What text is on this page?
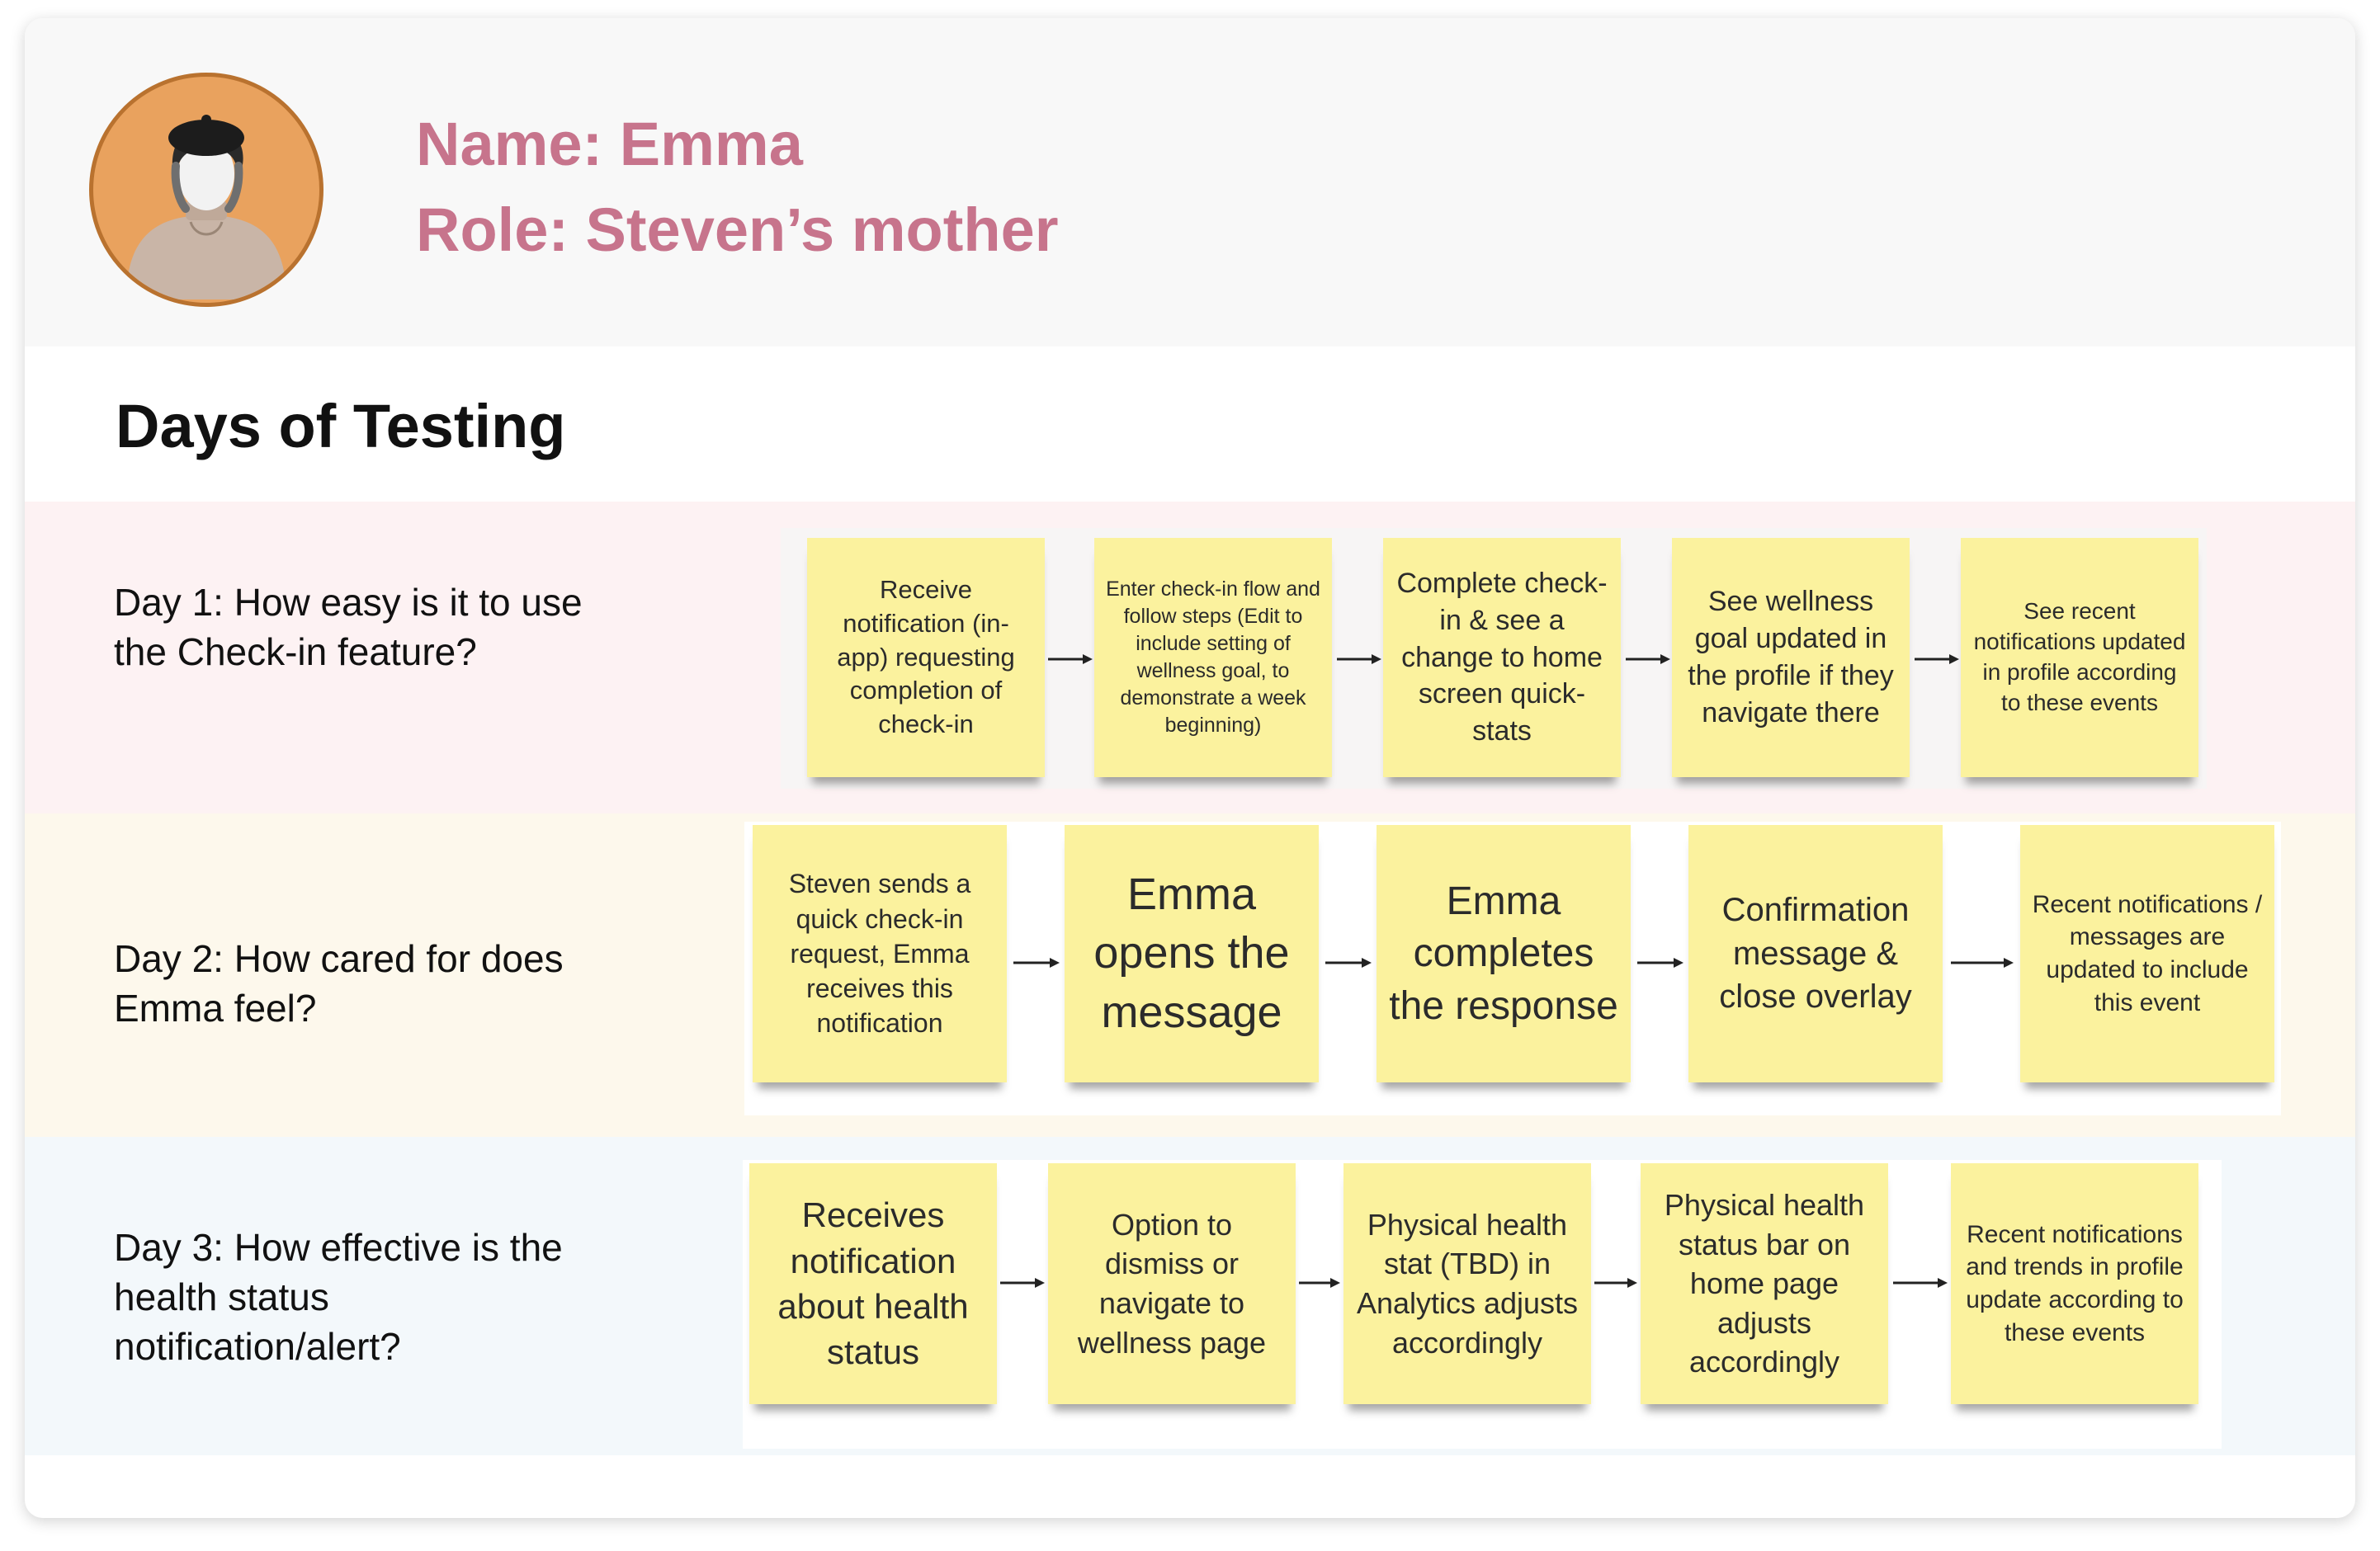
Name: Emma
Role: Steven’s mother
Days of Testing
Day 1: How easy is it to use the Check-in feature?
Receive notification (in-app) requesting completion of check-in
Enter check-in flow and follow steps (Edit to include setting of wellness goal, to demonstrate a week beginning)
Complete check-in & see a change to home screen quick-stats
See wellness goal updated in the profile if they navigate there
See recent notifications updated in profile according to these events
Day 2: How cared for does Emma feel?
Steven sends a quick check-in request, Emma receives this notification
Emma opens the message
Emma completes the response
Confirmation message & close overlay
Recent notifications / messages are updated to include this event
Day 3: How effective is the health status notification/alert?
Receives notification about health status
Option to dismiss or navigate to wellness page
Physical health stat (TBD) in Analytics adjusts accordingly
Physical health status bar on home page adjusts accordingly
Recent notifications and trends in profile update according to these events
